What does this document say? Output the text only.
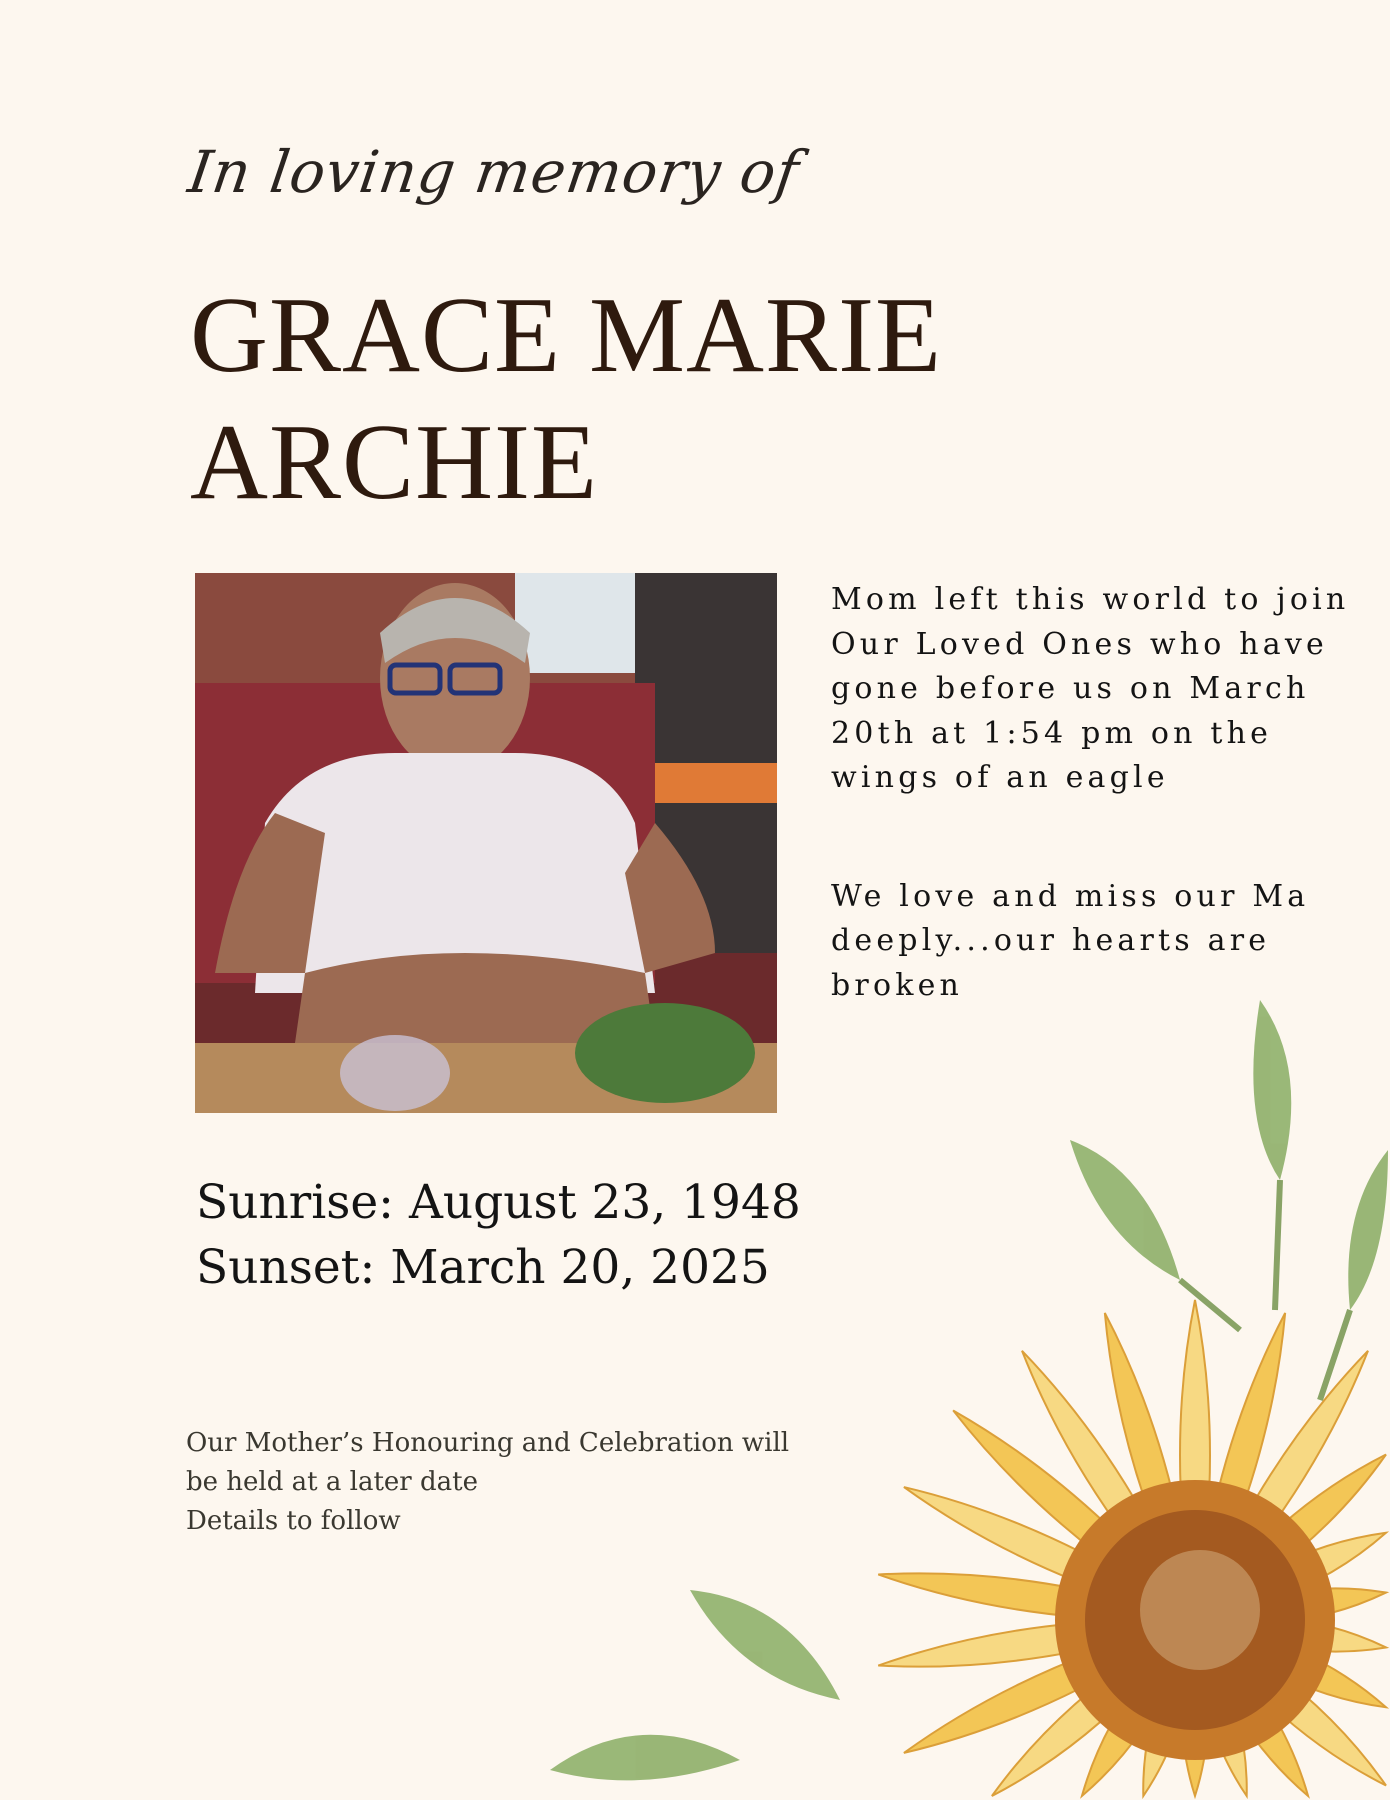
In loving memory of
GRACE MARIE
ARCHIE

Mom left this world to join Our Loved Ones who have gone before us on March 20th at 1:54 pm on the wings of an eagle

We love and miss our Ma deeply...our hearts are broken

Sunrise: August 23, 1948
Sunset: March 20, 2025
Our Mother’s Honouring and Celebration will
be held at a later date
Details to follow
